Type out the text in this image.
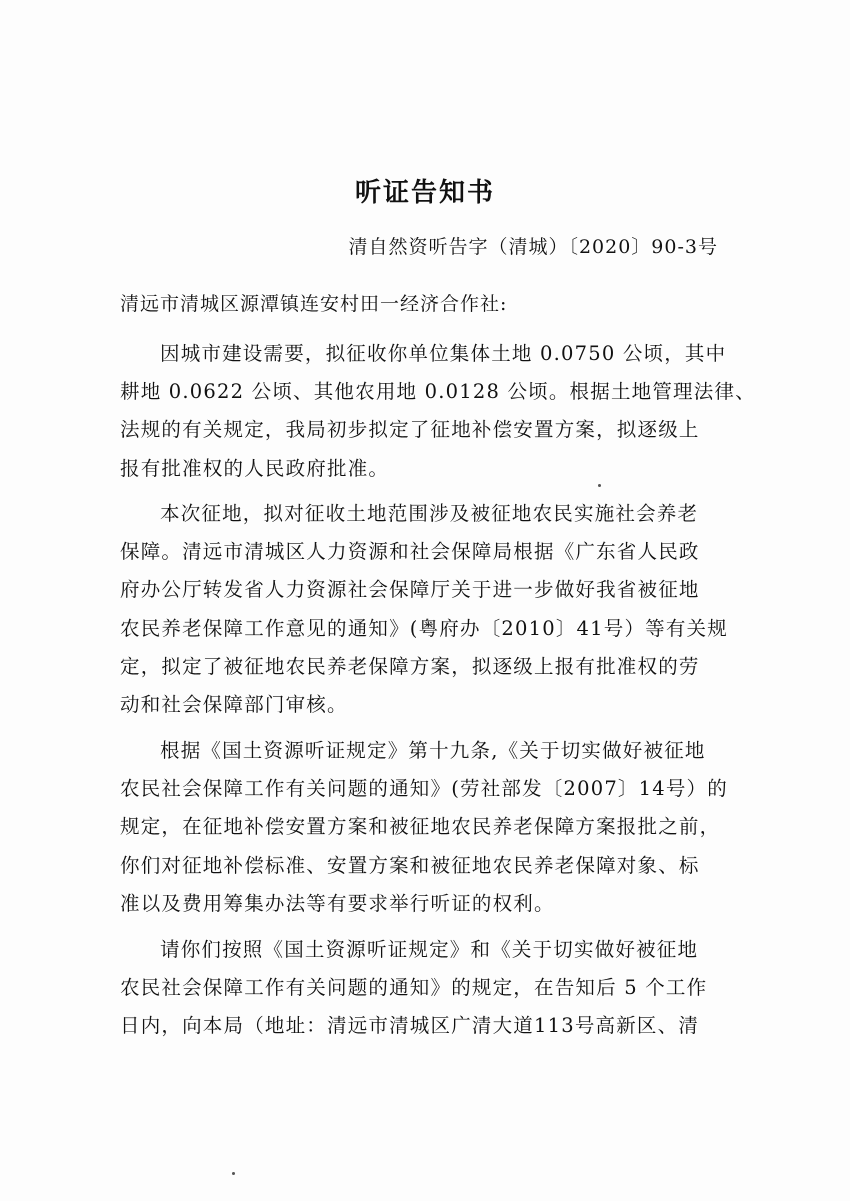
听证告知书
清自然资听告字（清城）〔2020〕90-3号
清远市清城区源潭镇连安村田一经济合作社:
因城市建设需要，拟征收你单位集体土地 0.0750 公顷，其中
耕地 0.0622 公顷、其他农用地 0.0128 公顷。根据土地管理法律、
法规的有关规定，我局初步拟定了征地补偿安置方案，拟逐级上
报有批准权的人民政府批准。
本次征地，拟对征收土地范围涉及被征地农民实施社会养老
保障。清远市清城区人力资源和社会保障局根据《广东省人民政
府办公厅转发省人力资源社会保障厅关于进一步做好我省被征地
农民养老保障工作意见的通知》(粤府办〔2010〕41号）等有关规
定，拟定了被征地农民养老保障方案，拟逐级上报有批准权的劳
动和社会保障部门审核。
根据《国土资源听证规定》第十九条,《关于切实做好被征地
农民社会保障工作有关问题的通知》(劳社部发〔2007〕14号）的
规定，在征地补偿安置方案和被征地农民养老保障方案报批之前，
你们对征地补偿标准、安置方案和被征地农民养老保障对象、标
准以及费用筹集办法等有要求举行听证的权利。
请你们按照《国土资源听证规定》和《关于切实做好被征地
农民社会保障工作有关问题的通知》的规定，在告知后 5 个工作
日内，向本局（地址：清远市清城区广清大道113号高新区、清
